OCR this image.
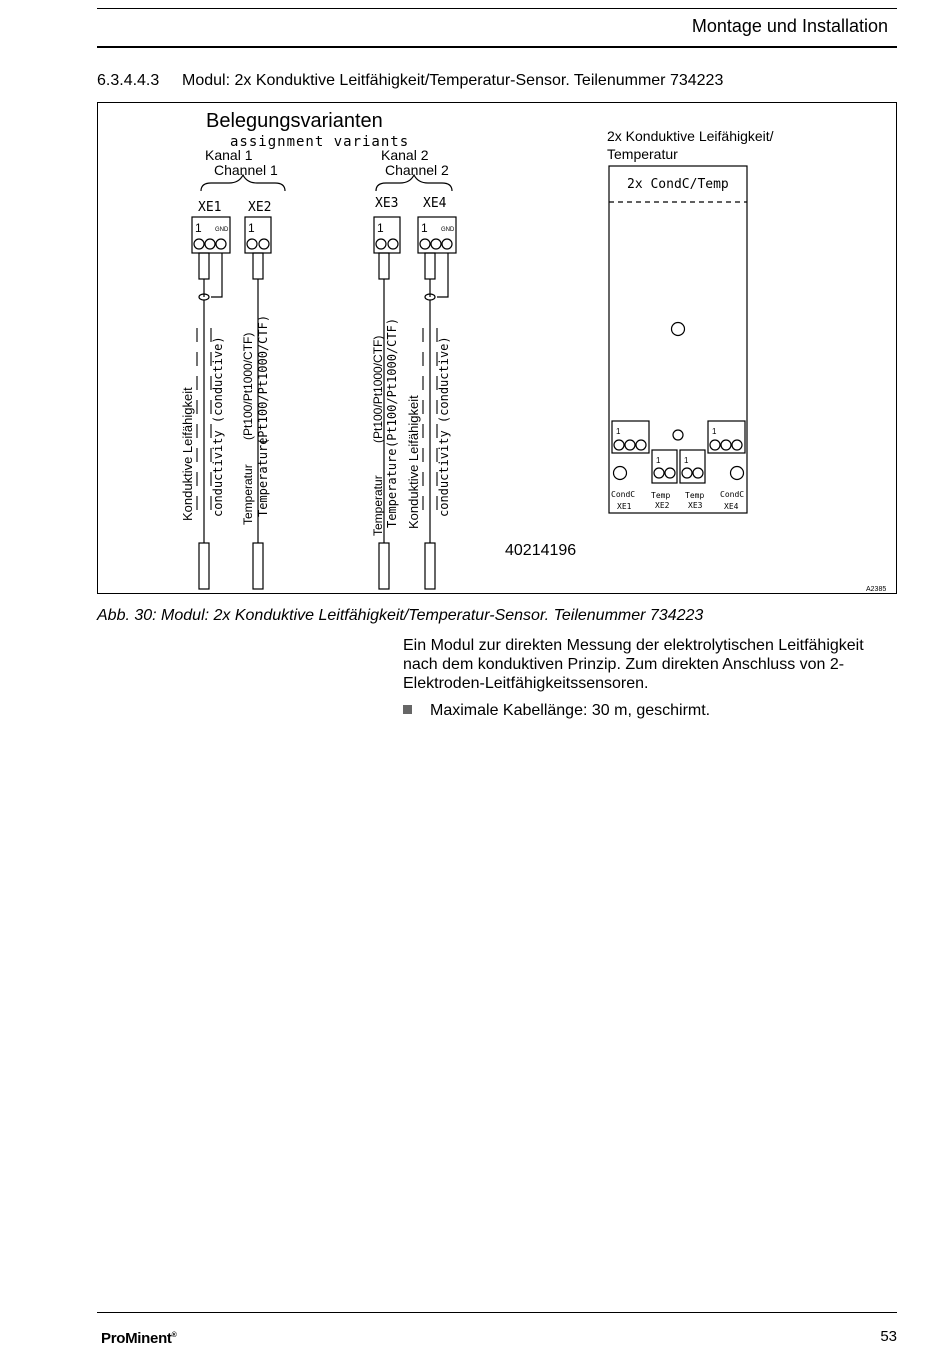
Montage und Installation
6.3.4.4.3 Modul: 2x Konduktive Leitfähigkeit/Temperatur-Sensor. Teilenummer 734223
Belegungsvarianten
assignment variants
Kanal 1
Channel 1
Kanal 2
Channel 2
XE1 XE2	XE3 XE4
1 GND 1	1	1 GND
Konduktive Leifähigkeit conductivity (conductive) Temperatur
(Pt100/Pt1000/CTF)
Temperature
(Pt100/Pt1000/CTF)
Temperatur
(Pt100/Pt1000/CTF)
Temperature
(Pt100/Pt1000/CTF)
Konduktive Leifähigkeit conductivity (conductive)
2x Konduktive Leifähigkeit/
Temperatur
2x CondC/Temp
1
1	1
1
CondC
XE1
Temp
XE2
Temp
XE3
CondC
XE4
40214196
A2385
Abb. 30: Modul: 2x Konduktive Leitfähigkeit/Temperatur-Sensor. Teilenummer 734223
Ein Modul zur direkten Messung der elektrolytischen Leitfähigkeit nach dem konduktiven Prinzip. Zum direkten Anschluss von 2-Elektroden-Leitfähigkeitssensoren.
Maximale Kabellänge: 30 m, geschirmt.
ProMinent®	53
